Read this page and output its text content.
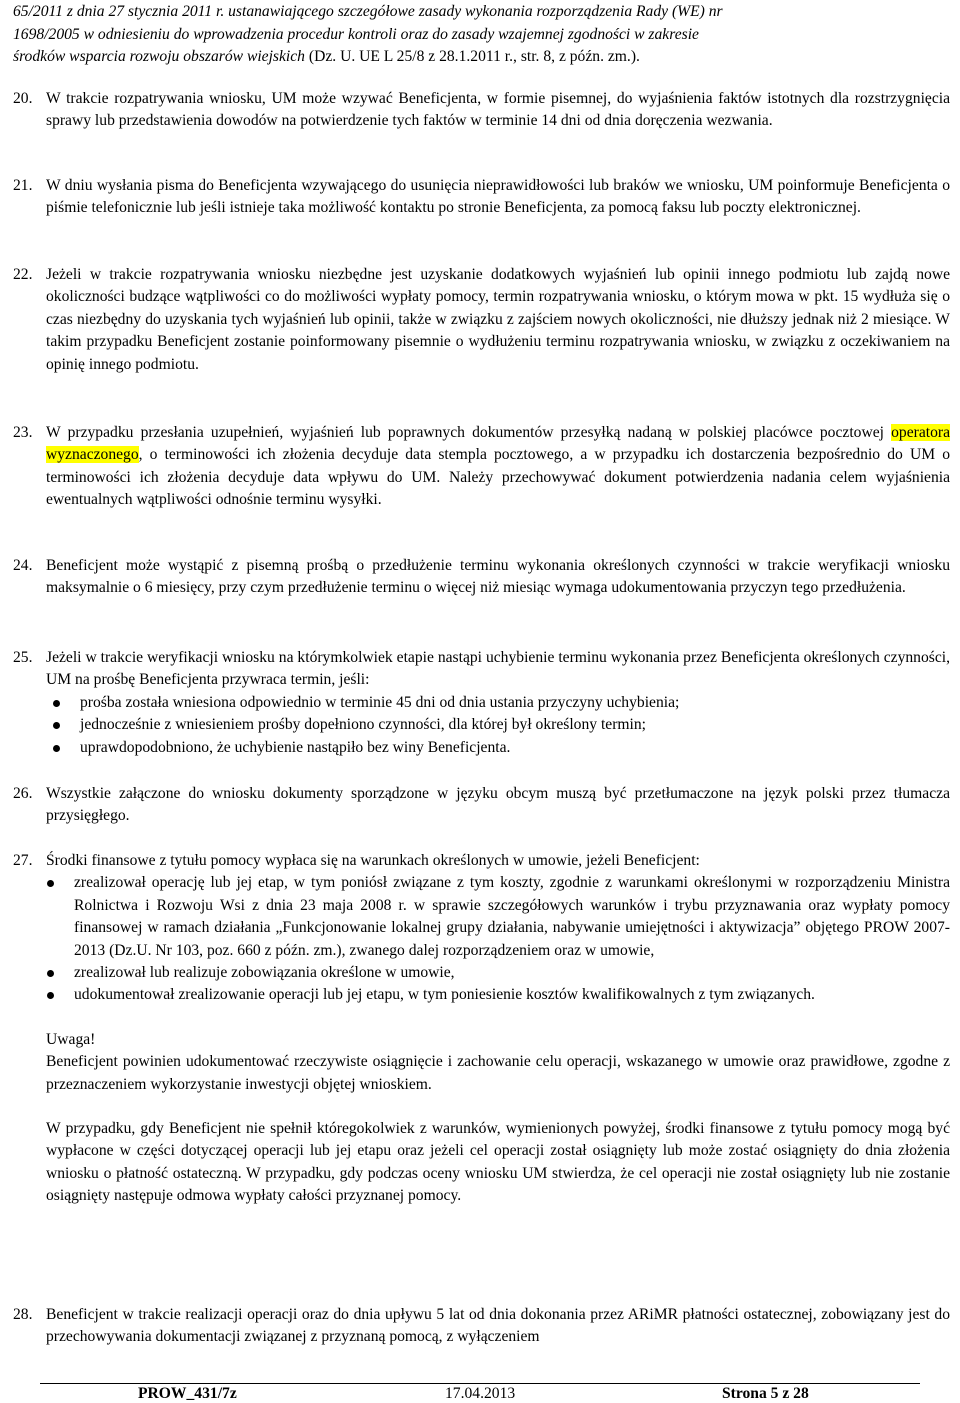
65/2011 z dnia 27 stycznia 2011 r. ustanawiającego szczegółowe zasady wykonania rozporządzenia Rady (WE) nr
1698/2005 w odniesieniu do wprowadzenia procedur kontroli oraz do zasady wzajemnej zgodności w zakresie
środków wsparcia rozwoju obszarów wiejskich (Dz. U. UE L 25/8 z 28.1.2011 r., str. 8, z późn. zm.).
20. W trakcie rozpatrywania wniosku, UM może wzywać Beneficjenta, w formie pisemnej, do wyjaśnienia faktów istotnych dla rozstrzygnięcia sprawy lub przedstawienia dowodów na potwierdzenie tych faktów w terminie 14 dni od dnia doręczenia wezwania.

21. W dniu wysłania pisma do Beneficjenta wzywającego do usunięcia nieprawidłowości lub braków we wniosku, UM poinformuje Beneficjenta o piśmie telefonicznie lub jeśli istnieje taka możliwość kontaktu po stronie Beneficjenta, za pomocą faksu lub poczty elektronicznej.

22. Jeżeli w trakcie rozpatrywania wniosku niezbędne jest uzyskanie dodatkowych wyjaśnień lub opinii innego podmiotu lub zajdą nowe okoliczności budzące wątpliwości co do możliwości wypłaty pomocy, termin rozpatrywania wniosku, o którym mowa w pkt. 15 wydłuża się o czas niezbędny do uzyskania tych wyjaśnień lub opinii, także w związku z zajściem nowych okoliczności, nie dłuższy jednak niż 2 miesiące. W takim przypadku Beneficjent zostanie poinformowany pisemnie o wydłużeniu terminu rozpatrywania wniosku, w związku z oczekiwaniem na opinię innego podmiotu.

23. W przypadku przesłania uzupełnień, wyjaśnień lub poprawnych dokumentów przesyłką nadaną w polskiej placówce pocztowej operatora wyznaczonego, o terminowości ich złożenia decyduje data stempla pocztowego, a w przypadku ich dostarczenia bezpośrednio do UM o terminowości ich złożenia decyduje data wpływu do UM. Należy przechowywać dokument potwierdzenia nadania celem wyjaśnienia ewentualnych wątpliwości odnośnie terminu wysyłki.

24. Beneficjent może wystąpić z pisemną prośbą o przedłużenie terminu wykonania określonych czynności w trakcie weryfikacji wniosku maksymalnie o 6 miesięcy, przy czym przedłużenie terminu o więcej niż miesiąc wymaga udokumentowania przyczyn tego przedłużenia.

25. Jeżeli w trakcie weryfikacji wniosku na którymkolwiek etapie nastąpi uchybienie terminu wykonania przez Beneficjenta określonych czynności, UM na prośbę Beneficjenta przywraca termin, jeśli:

prośba została wniesiona odpowiednio w terminie 45 dni od dnia ustania przyczyny uchybienia;
jednocześnie z wniesieniem prośby dopełniono czynności, dla której był określony termin;
uprawdopodobniono, że uchybienie nastąpiło bez winy Beneficjenta.
26. Wszystkie załączone do wniosku dokumenty sporządzone w języku obcym muszą być przetłumaczone na język polski przez tłumacza przysięgłego.

27. Środki finansowe z tytułu pomocy wypłaca się na warunkach określonych w umowie, jeżeli Beneficjent:

zrealizował operację lub jej etap, w tym poniósł związane z tym koszty, zgodnie z warunkami określonymi w rozporządzeniu Ministra Rolnictwa i Rozwoju Wsi z dnia 23 maja 2008 r. w sprawie szczegółowych warunków i trybu przyznawania oraz wypłaty pomocy finansowej w ramach działania „Funkcjonowanie lokalnej grupy działania, nabywanie umiejętności i aktywizacja” objętego PROW 2007-2013 (Dz.U. Nr 103, poz. 660 z późn. zm.), zwanego dalej rozporządzeniem oraz w umowie,
zrealizował lub realizuje zobowiązania określone w umowie,
udokumentował zrealizowanie operacji lub jej etapu, w tym poniesienie kosztów kwalifikowalnych z tym związanych.

Uwaga!

Beneficjent powinien udokumentować rzeczywiste osiągnięcie i zachowanie celu operacji, wskazanego w umowie oraz prawidłowe, zgodne z przeznaczeniem wykorzystanie inwestycji objętej wnioskiem.

W przypadku, gdy Beneficjent nie spełnił któregokolwiek z warunków, wymienionych powyżej, środki finansowe z tytułu pomocy mogą być wypłacone w części dotyczącej operacji lub jej etapu oraz jeżeli cel operacji został osiągnięty lub może zostać osiągnięty do dnia złożenia wniosku o płatność ostateczną. W przypadku, gdy podczas oceny wniosku UM stwierdza, że cel operacji nie został osiągnięty lub nie zostanie osiągnięty następuje odmowa wypłaty całości przyznanej pomocy.

28. Beneficjent w trakcie realizacji operacji oraz do dnia upływu 5 lat od dnia dokonania przez ARiMR płatności ostatecznej, zobowiązany jest do przechowywania dokumentacji związanej z przyznaną pomocą, z wyłączeniem

PROW_431/7z	17.04.2013	Strona 5 z 28
